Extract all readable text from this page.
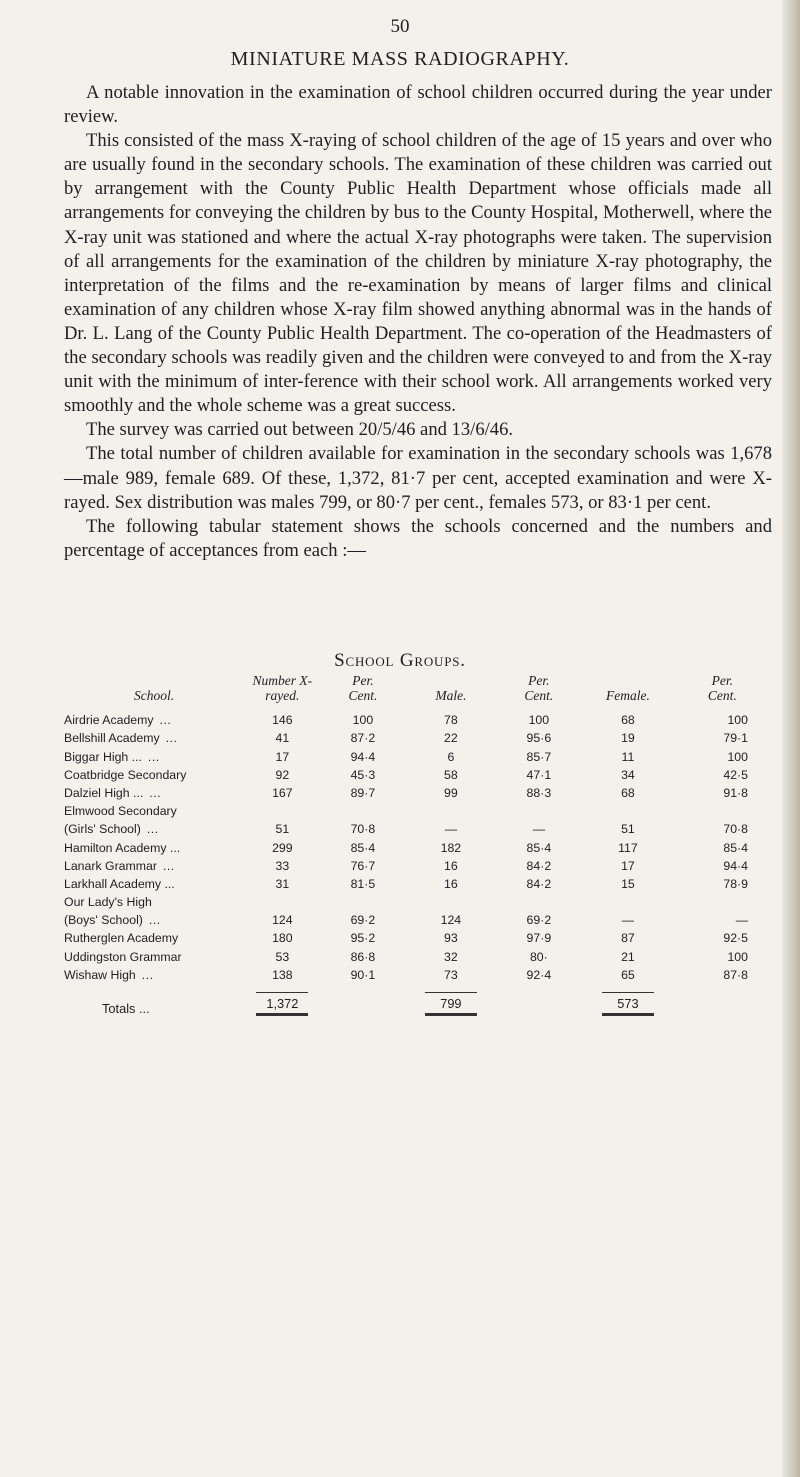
50
MINIATURE MASS RADIOGRAPHY.

A notable innovation in the examination of school children occurred during the year under review.

This consisted of the mass X-raying of school children of the age of 15 years and over who are usually found in the secondary schools. The examination of these children was carried out by arrangement with the County Public Health Department whose officials made all arrangements for conveying the children by bus to the County Hospital, Motherwell, where the X-ray unit was stationed and where the actual X-ray photographs were taken. The supervision of all arrangements for the examination of the children by miniature X-ray photography, the interpretation of the films and the re-examination by means of larger films and clinical examination of any children whose X-ray film showed anything abnormal was in the hands of Dr. L. Lang of the County Public Health Department. The co-operation of the Headmasters of the secondary schools was readily given and the children were conveyed to and from the X-ray unit with the minimum of inter-ference with their school work. All arrangements worked very smoothly and the whole scheme was a great success.

The survey was carried out between 20/5/46 and 13/6/46.

The total number of children available for examination in the secondary schools was 1,678—male 989, female 689. Of these, 1,372, 81·7 per cent, accepted examination and were X-rayed. Sex distribution was males 799, or 80·7 per cent., females 573, or 83·1 per cent.

The following tabular statement shows the schools concerned and the numbers and percentage of acceptances from each :—

School Groups.
School.	Number X-rayed.	Per. Cent.	Male.	Per. Cent.	Female.	Per. Cent.
Airdrie Academy ...	146	100	78	100	68	100
Bellshill Academy ...	41	87·2	22	95·6	19	79·1
Biggar High ... ...	17	94·4	6	85·7	11	100
Coatbridge Secondary	92	45·3	58	47·1	34	42·5
Dalziel High ... ...	167	89·7	99	88·3	68	91·8
Elmwood Secondary						
(Girls' School) ...	51	70·8	—	—	51	70·8
Hamilton Academy ...	299	85·4	182	85·4	117	85·4
Lanark Grammar ...	33	76·7	16	84·2	17	94·4
Larkhall Academy ...	31	81·5	16	84·2	15	78·9
Our Lady's High						
(Boys' School) ...	124	69·2	124	69·2	—	—
Rutherglen Academy	180	95·2	93	97·9	87	92·5
Uddingston Grammar	53	86·8	32	80·	21	100
Wishaw High ...	138	90·1	73	92·4	65	87·8
Totals ...	1,372		799		573
